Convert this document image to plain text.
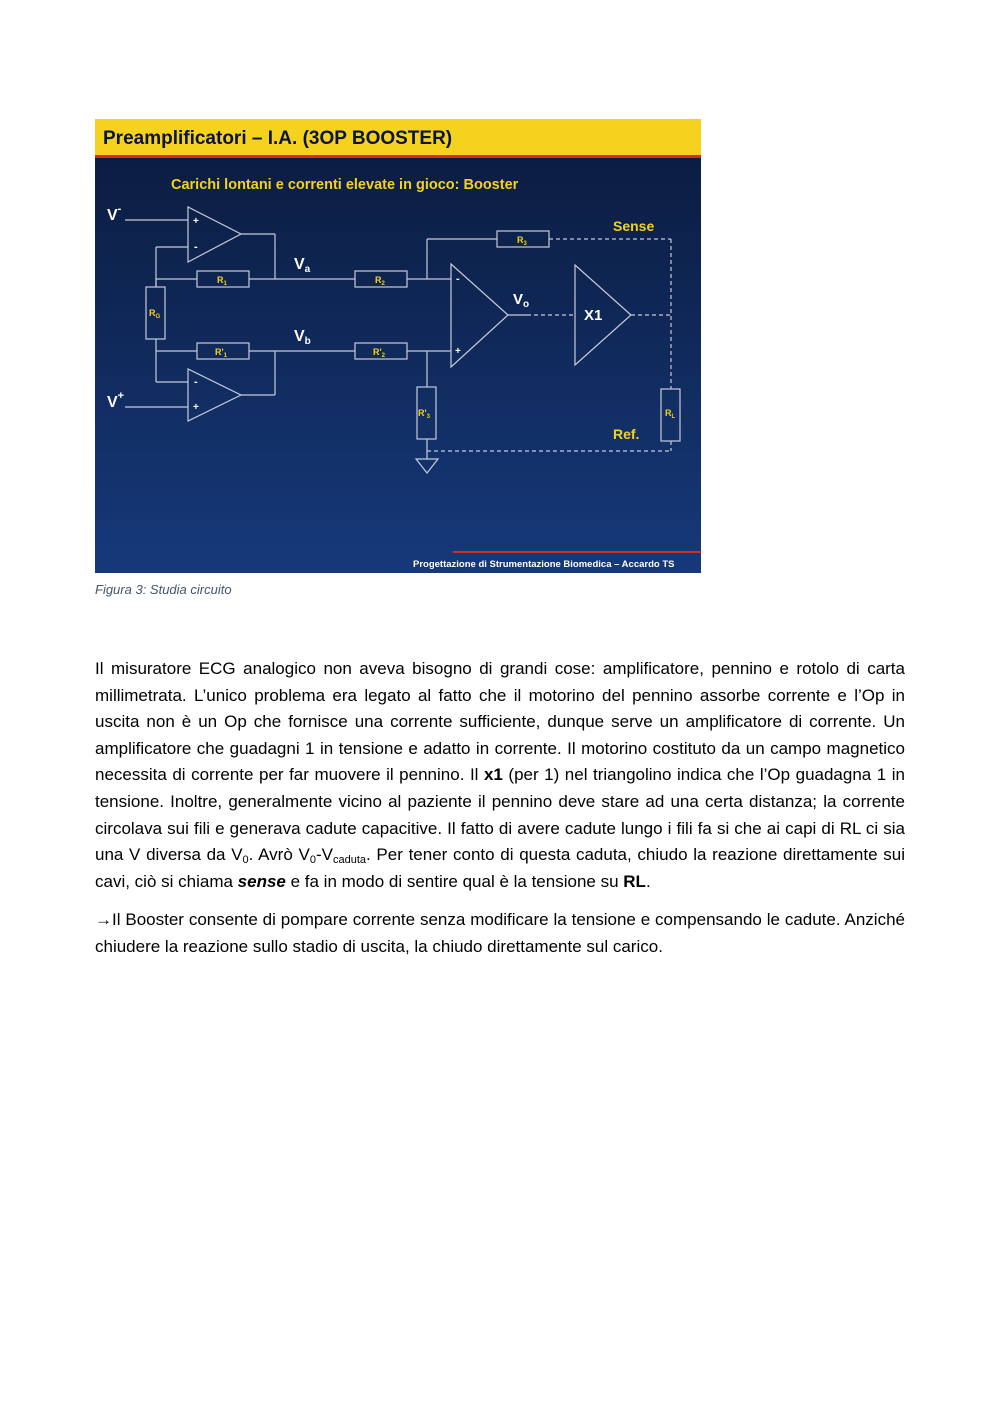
Preamplificatori – I.A. (3OP BOOSTER)
Carichi lontani e correnti elevate in gioco: Booster
$R_1$	$R_2$
$R'_1$	$R'_2$
$R_G$
$R_3$
$R'_3$	$R_L$
V-
V+
Va
Vb
$V_o$
X1
+
-
-
+
-
+
Sense
Ref.
Progettazione di Strumentazione Biomedica – Accardo TS
Figura 3: Studia circuito

Il misuratore ECG analogico non aveva bisogno di grandi cose: amplificatore, pennino e rotolo di carta millimetrata. L’unico problema era legato al fatto che il motorino del pennino assorbe corrente e l’Op in uscita non è un Op che fornisce una corrente sufficiente, dunque serve un amplificatore di corrente. Un amplificatore che guadagni 1 in tensione e adatto in corrente. Il motorino costituto da un campo magnetico necessita di corrente per far muovere il pennino. Il x1 (per 1) nel triangolino indica che l’Op guadagna 1 in tensione. Inoltre, generalmente vicino al paziente il pennino deve stare ad una certa distanza; la corrente circolava sui fili e generava cadute capacitive. Il fatto di avere cadute lungo i fili fa si che ai capi di RL ci sia una V diversa da $V_0$. Avrò $V_0-V_{caduta}$. Per tener conto di questa caduta, chiudo la reazione direttamente sui cavi, ciò si chiama sense e fa in modo di sentire qual è la tensione su RL.

→Il Booster consente di pompare corrente senza modificare la tensione e compensando le cadute. Anziché chiudere la reazione sullo stadio di uscita, la chiudo direttamente sul carico.
